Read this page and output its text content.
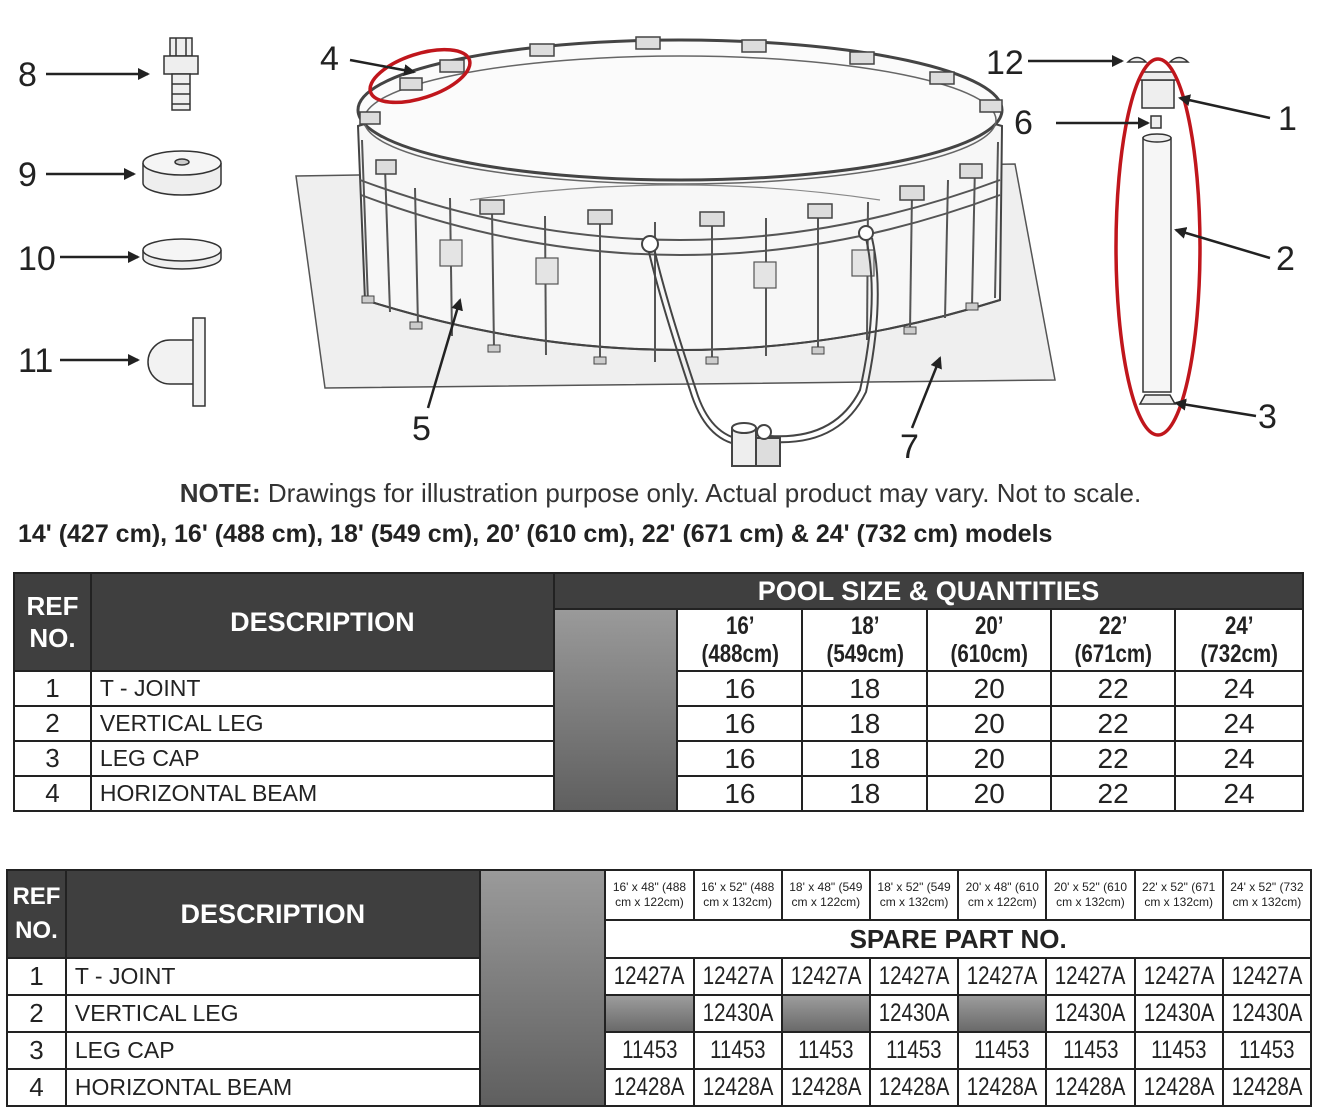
8
9
10
11
4
5	7
12
6	1
2
3
NOTE: Drawings for illustration purpose only. Actual product may vary. Not to scale.
14' (427 cm), 16' (488 cm), 18' (549 cm), 20’ (610 cm), 22' (671 cm) & 24' (732 cm) models
REF NO.	DESCRIPTION	POOL SIZE & QUANTITIES					
			16’
(488cm)	18’
(549cm)	20’
(610cm)	22’
(671cm)	24’
(732cm)
1	T - JOINT		16	18	20	22	24
2	VERTICAL LEG		16	18	20	22	24
3	LEG CAP		16	18	20	22	24
4	HORIZONTAL BEAM		16	18	20	22	24
REF NO.	DESCRIPTION		16' x 48" (488
cm x 122cm)	16' x 52" (488
cm x 132cm)	18' x 48" (549
cm x 122cm)	18' x 52" (549
cm x 132cm)	20' x 48" (610
cm x 122cm)	20' x 52" (610
cm x 132cm)	22' x 52" (671
cm x 132cm)	24' x 52" (732
cm x 132cm)
			SPARE PART NO.							
1	T - JOINT		12427A	12427A	12427A	12427A	12427A	12427A	12427A	12427A
2	VERTICAL LEG			12430A		12430A		12430A	12430A	12430A
3	LEG CAP		11453	11453	11453	11453	11453	11453	11453	11453
4	HORIZONTAL BEAM		12428A	12428A	12428A	12428A	12428A	12428A	12428A	12428A
